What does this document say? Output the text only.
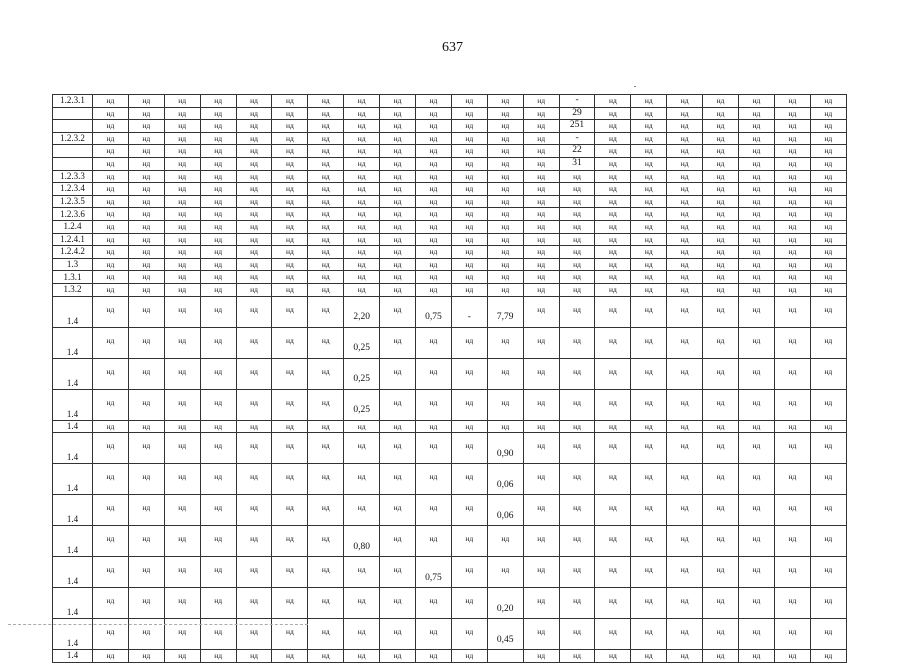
637
1.2.3.1	нд	нд	нд	нд	нд	нд	нд	нд	нд	нд	нд	нд	нд	-	нд	нд	нд	нд	нд	нд	нд
	нд	нд	нд	нд	нд	нд	нд	нд	нд	нд	нд	нд	нд	29	нд	нд	нд	нд	нд	нд	нд
	нд	нд	нд	нд	нд	нд	нд	нд	нд	нд	нд	нд	нд	251	нд	нд	нд	нд	нд	нд	нд
1.2.3.2	нд	нд	нд	нд	нд	нд	нд	нд	нд	нд	нд	нд	нд	-	нд	нд	нд	нд	нд	нд	нд
	нд	нд	нд	нд	нд	нд	нд	нд	нд	нд	нд	нд	нд	22	нд	нд	нд	нд	нд	нд	нд
	нд	нд	нд	нд	нд	нд	нд	нд	нд	нд	нд	нд	нд	31	нд	нд	нд	нд	нд	нд	нд
1.2.3.3	нд	нд	нд	нд	нд	нд	нд	нд	нд	нд	нд	нд	нд	нд	нд	нд	нд	нд	нд	нд	нд
1.2.3.4	нд	нд	нд	нд	нд	нд	нд	нд	нд	нд	нд	нд	нд	нд	нд	нд	нд	нд	нд	нд	нд
1.2.3.5	нд	нд	нд	нд	нд	нд	нд	нд	нд	нд	нд	нд	нд	нд	нд	нд	нд	нд	нд	нд	нд
1.2.3.6	нд	нд	нд	нд	нд	нд	нд	нд	нд	нд	нд	нд	нд	нд	нд	нд	нд	нд	нд	нд	нд
1.2.4	нд	нд	нд	нд	нд	нд	нд	нд	нд	нд	нд	нд	нд	нд	нд	нд	нд	нд	нд	нд	нд
1.2.4.1	нд	нд	нд	нд	нд	нд	нд	нд	нд	нд	нд	нд	нд	нд	нд	нд	нд	нд	нд	нд	нд
1.2.4.2	нд	нд	нд	нд	нд	нд	нд	нд	нд	нд	нд	нд	нд	нд	нд	нд	нд	нд	нд	нд	нд
1.3	нд	нд	нд	нд	нд	нд	нд	нд	нд	нд	нд	нд	нд	нд	нд	нд	нд	нд	нд	нд	нд
1.3.1	нд	нд	нд	нд	нд	нд	нд	нд	нд	нд	нд	нд	нд	нд	нд	нд	нд	нд	нд	нд	нд
1.3.2	нд	нд	нд	нд	нд	нд	нд	нд	нд	нд	нд	нд	нд	нд	нд	нд	нд	нд	нд	нд	нд
1.4	нд	нд	нд	нд	нд	нд	нд	2,20	нд	0,75	-	7,79	нд	нд	нд	нд	нд	нд	нд	нд	нд
1.4	нд	нд	нд	нд	нд	нд	нд	0,25	нд	нд	нд	нд	нд	нд	нд	нд	нд	нд	нд	нд	нд
1.4	нд	нд	нд	нд	нд	нд	нд	0,25	нд	нд	нд	нд	нд	нд	нд	нд	нд	нд	нд	нд	нд
1.4	нд	нд	нд	нд	нд	нд	нд	0,25	нд	нд	нд	нд	нд	нд	нд	нд	нд	нд	нд	нд	нд
1.4	нд	нд	нд	нд	нд	нд	нд	нд	нд	нд	нд	нд	нд	нд	нд	нд	нд	нд	нд	нд	нд
1.4	нд	нд	нд	нд	нд	нд	нд	нд	нд	нд	нд	0,90	нд	нд	нд	нд	нд	нд	нд	нд	нд
1.4	нд	нд	нд	нд	нд	нд	нд	нд	нд	нд	нд	0,06	нд	нд	нд	нд	нд	нд	нд	нд	нд
1.4	нд	нд	нд	нд	нд	нд	нд	нд	нд	нд	нд	0,06	нд	нд	нд	нд	нд	нд	нд	нд	нд
1.4	нд	нд	нд	нд	нд	нд	нд	0,80	нд	нд	нд	нд	нд	нд	нд	нд	нд	нд	нд	нд	нд
1.4	нд	нд	нд	нд	нд	нд	нд	нд	нд	0,75	нд	нд	нд	нд	нд	нд	нд	нд	нд	нд	нд
1.4	нд	нд	нд	нд	нд	нд	нд	нд	нд	нд	нд	0,20	нд	нд	нд	нд	нд	нд	нд	нд	нд
1.4	нд	нд	нд	нд	нд	нд	нд	нд	нд	нд	нд	0,45	нд	нд	нд	нд	нд	нд	нд	нд	нд
1.4	нд	нд	нд	нд	нд	нд	нд	нд	нд	нд	нд		нд	нд	нд	нд	нд	нд	нд	нд	нд
